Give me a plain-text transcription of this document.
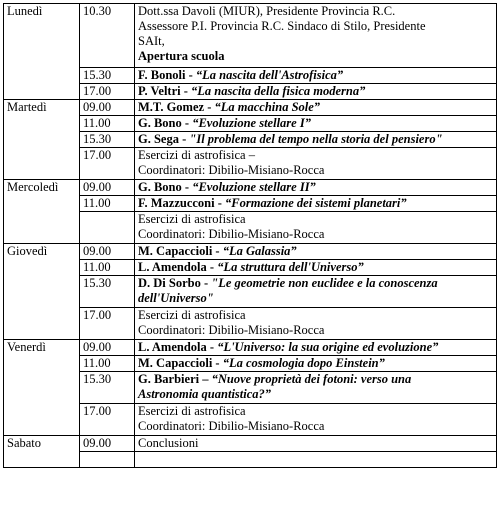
Lunedì	10.30	Dott.ssa Davoli (MIUR), Presidente Provincia R.C.
Assessore P.I. Provincia R.C. Sindaco di Stilo, Presidente
SAIt,
Apertura scuola

	15.30	F. Bonoli - “La nascita dell'Astrofisica”
	17.00	P. Veltri - “La nascita della fisica moderna”
Martedì	09.00	M.T. Gomez - “La macchina Sole”
	11.00	G. Bono - “Evoluzione stellare I”
	15.30	G. Sega - "Il problema del tempo nella storia del pensiero"
	17.00	Esercizi di astrofisica –
Coordinatori: Dibilio-Misiano-Rocca

Mercoledì	09.00	G. Bono - “Evoluzione stellare II”
	11.00	F. Mazzucconi - “Formazione dei sistemi planetari”

		Esercizi di astrofisica
Coordinatori: Dibilio-Misiano-Rocca

Giovedì	09.00	M. Capaccioli - “La Galassia”
	11.00	L. Amendola - “La struttura dell'Universo”
	15.30	D. Di Sorbo - "Le geometrie non euclidee e la conoscenza
dell'Universo"

	17.00	Esercizi di astrofisica
Coordinatori: Dibilio-Misiano-Rocca

Venerdì	09.00	L. Amendola - “L'Universo: la sua origine ed evoluzione”
	11.00	M. Capaccioli - “La cosmologia dopo Einstein”
	15.30	G. Barbieri – “Nuove proprietà dei fotoni: verso una
Astronomia quantistica?”

	17.00	Esercizi di astrofisica
Coordinatori: Dibilio-Misiano-Rocca

Sabato	09.00	Conclusioni
